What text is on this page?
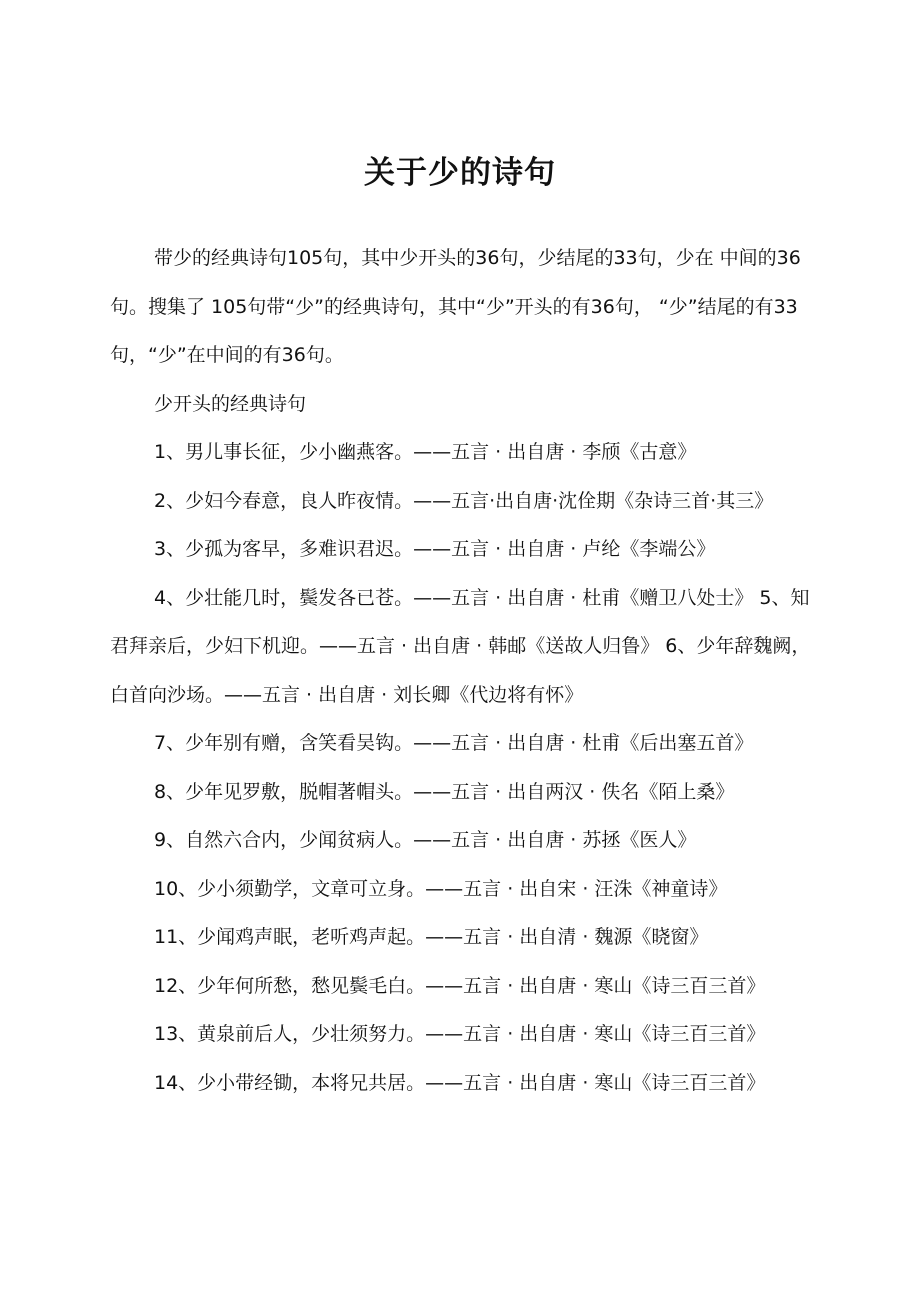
关于少的诗句

带少的经典诗句105句，其中少开头的36句，少结尾的33句，少在 中间的36句。搜集了 105句带“少”的经典诗句，其中“少”开头的有36句， “少”结尾的有33句，“少”在中间的有36句。

少开头的经典诗句

1、男儿事长征，少小幽燕客。——五言 · 出自唐 · 李颀《古意》
2、少妇今春意，良人昨夜情。——五言·出自唐·沈佺期《杂诗三首·其三》
3、少孤为客早，多难识君迟。——五言 · 出自唐 · 卢纶《李端公》
4、少壮能几时，鬓发各已苍。——五言 · 出自唐 · 杜甫《赠卫八处士》 5、知君拜亲后，少妇下机迎。——五言 · 出自唐 · 韩邮《送故人归鲁》 6、少年辞魏阙，白首向沙场。——五言 · 出自唐 · 刘长卿《代边将有怀》
7、少年别有赠，含笑看吴钩。——五言 · 出自唐 · 杜甫《后出塞五首》
8、少年见罗敷，脱帽著帽头。——五言 · 出自两汉 · 佚名《陌上桑》
9、自然六合内，少闻贫病人。——五言 · 出自唐 · 苏拯《医人》
10、少小须勤学，文章可立身。——五言 · 出自宋 · 汪洙《神童诗》
11、少闻鸡声眠，老听鸡声起。——五言 · 出自清 · 魏源《晓窗》
12、少年何所愁，愁见鬓毛白。——五言 · 出自唐 · 寒山《诗三百三首》
13、黄泉前后人，少壮须努力。——五言 · 出自唐 · 寒山《诗三百三首》
14、少小带经锄，本将兄共居。——五言 · 出自唐 · 寒山《诗三百三首》
